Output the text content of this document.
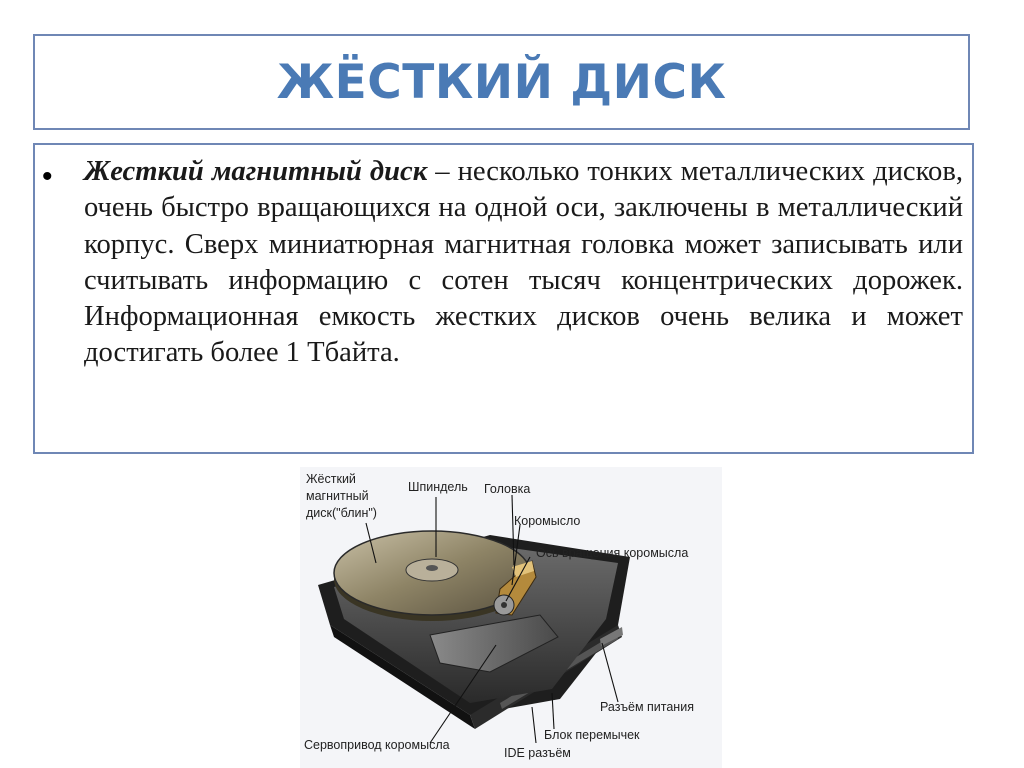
ЖЁСТКИЙ ДИСК
• Жесткий магнитный диск – несколько тонких металлических дисков, очень быстро вращающихся на одной оси, заключены в металлический корпус. Сверх миниатюрная магнитная головка может записывать или считывать информацию с сотен тысяч концентрических дорожек. Информационная емкость жестких дисков очень велика и может достигать более 1 Тбайта.

Жёсткий магнитный диск("блин")
Шпиндель Головка
Коромысло
Ось вращения коромысла
Разъём питания
Блок перемычек
IDE разъём
Сервопривод коромысла
